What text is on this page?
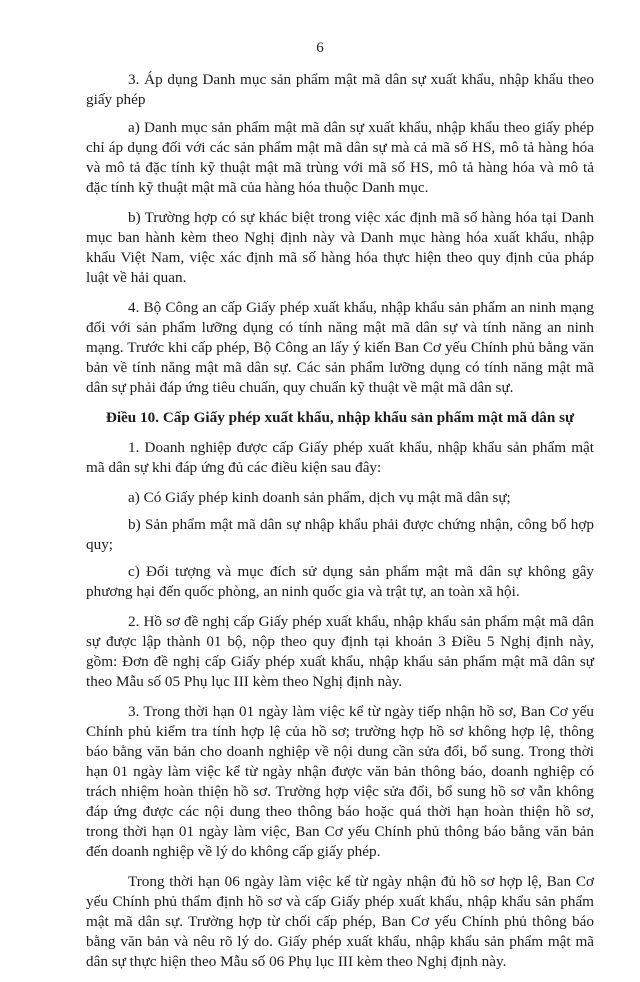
6

3. Áp dụng Danh mục sản phẩm mật mã dân sự xuất khẩu, nhập khẩu theo giấy phép

a) Danh mục sản phẩm mật mã dân sự xuất khẩu, nhập khẩu theo giấy phép chỉ áp dụng đối với các sản phẩm mật mã dân sự mà cả mã số HS, mô tả hàng hóa và mô tả đặc tính kỹ thuật mật mã trùng với mã số HS, mô tả hàng hóa và mô tả đặc tính kỹ thuật mật mã của hàng hóa thuộc Danh mục.

b) Trường hợp có sự khác biệt trong việc xác định mã số hàng hóa tại Danh mục ban hành kèm theo Nghị định này và Danh mục hàng hóa xuất khẩu, nhập khẩu Việt Nam, việc xác định mã số hàng hóa thực hiện theo quy định của pháp luật về hải quan.

4. Bộ Công an cấp Giấy phép xuất khẩu, nhập khẩu sản phẩm an ninh mạng đối với sản phẩm lưỡng dụng có tính năng mật mã dân sự và tính năng an ninh mạng. Trước khi cấp phép, Bộ Công an lấy ý kiến Ban Cơ yếu Chính phủ bằng văn bản về tính năng mật mã dân sự. Các sản phẩm lưỡng dụng có tính năng mật mã dân sự phải đáp ứng tiêu chuẩn, quy chuẩn kỹ thuật về mật mã dân sự.

Điều 10. Cấp Giấy phép xuất khẩu, nhập khẩu sản phẩm mật mã dân sự

1. Doanh nghiệp được cấp Giấy phép xuất khẩu, nhập khẩu sản phẩm mật mã dân sự khi đáp ứng đủ các điều kiện sau đây:

a) Có Giấy phép kinh doanh sản phẩm, dịch vụ mật mã dân sự;

b) Sản phẩm mật mã dân sự nhập khẩu phải được chứng nhận, công bố hợp quy;

c) Đối tượng và mục đích sử dụng sản phẩm mật mã dân sự không gây phương hại đến quốc phòng, an ninh quốc gia và trật tự, an toàn xã hội.

2. Hồ sơ đề nghị cấp Giấy phép xuất khẩu, nhập khẩu sản phẩm mật mã dân sự được lập thành 01 bộ, nộp theo quy định tại khoản 3 Điều 5 Nghị định này, gồm: Đơn đề nghị cấp Giấy phép xuất khẩu, nhập khẩu sản phẩm mật mã dân sự theo Mẫu số 05 Phụ lục III kèm theo Nghị định này.

3. Trong thời hạn 01 ngày làm việc kể từ ngày tiếp nhận hồ sơ, Ban Cơ yếu Chính phủ kiểm tra tính hợp lệ của hồ sơ; trường hợp hồ sơ không hợp lệ, thông báo bằng văn bản cho doanh nghiệp về nội dung cần sửa đổi, bổ sung. Trong thời hạn 01 ngày làm việc kể từ ngày nhận được văn bản thông báo, doanh nghiệp có trách nhiệm hoàn thiện hồ sơ. Trường hợp việc sửa đổi, bổ sung hồ sơ vẫn không đáp ứng được các nội dung theo thông báo hoặc quá thời hạn hoàn thiện hồ sơ, trong thời hạn 01 ngày làm việc, Ban Cơ yếu Chính phủ thông báo bằng văn bản đến doanh nghiệp về lý do không cấp giấy phép.

Trong thời hạn 06 ngày làm việc kể từ ngày nhận đủ hồ sơ hợp lệ, Ban Cơ yếu Chính phủ thẩm định hồ sơ và cấp Giấy phép xuất khẩu, nhập khẩu sản phẩm mật mã dân sự. Trường hợp từ chối cấp phép, Ban Cơ yếu Chính phủ thông báo bằng văn bản và nêu rõ lý do. Giấy phép xuất khẩu, nhập khẩu sản phẩm mật mã dân sự thực hiện theo Mẫu số 06 Phụ lục III kèm theo Nghị định này.
